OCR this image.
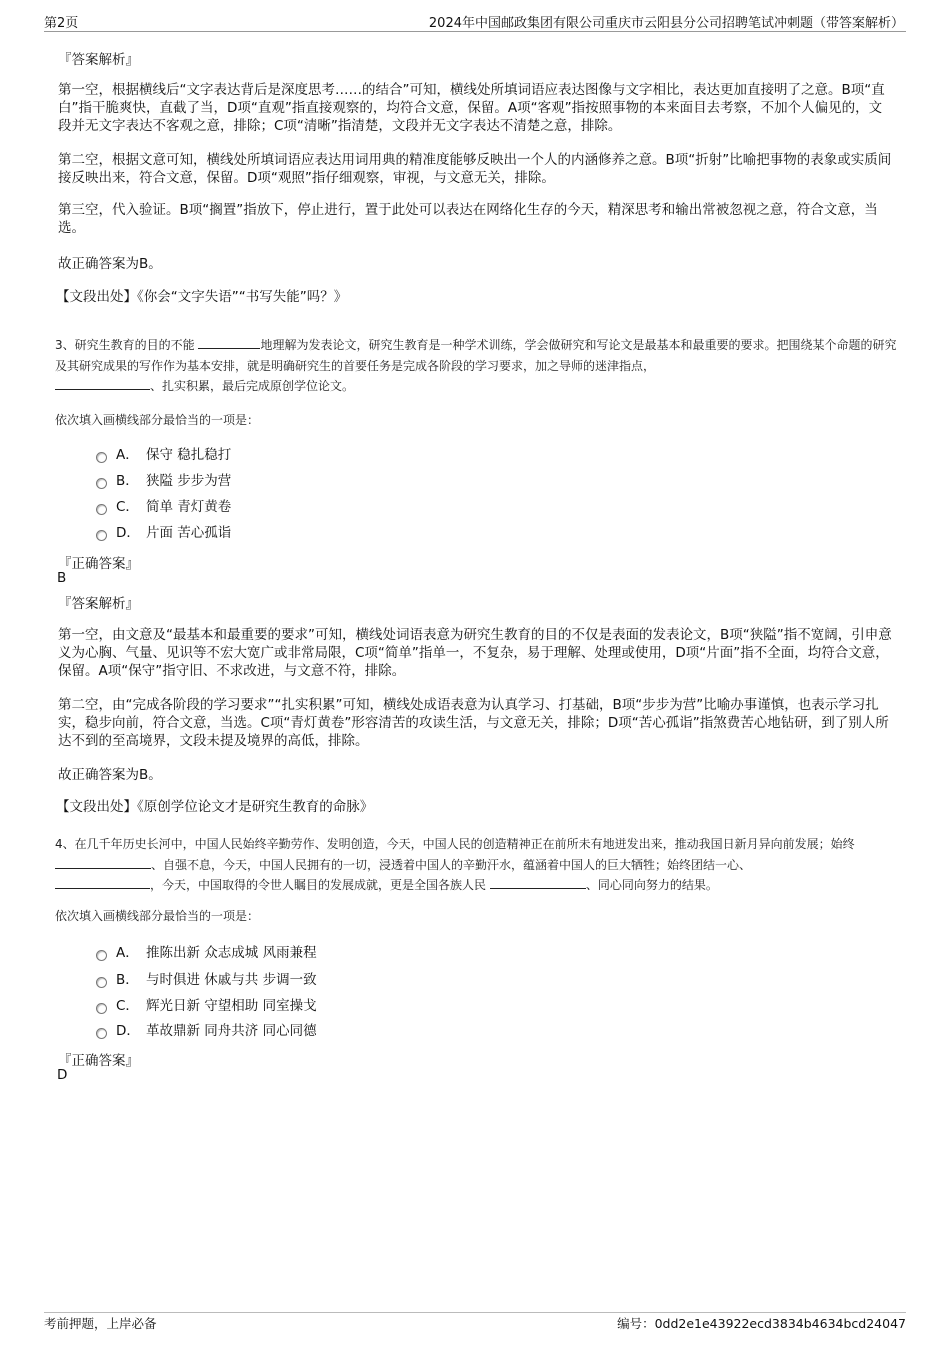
第2页	2024年中国邮政集团有限公司重庆市云阳县分公司招聘笔试冲刺题（带答案解析）
『答案解析』
第一空，根据横线后“文字表达背后是深度思考……的结合”可知，横线处所填词语应表达图像与文字相比，表达更加直接明了之意。B项“直白”指干脆爽快，直截了当，D项“直观”指直接观察的，均符合文意，保留。A项“客观”指按照事物的本来面目去考察，不加个人偏见的，文段并无文字表达不客观之意，排除；C项“清晰”指清楚，文段并无文字表达不清楚之意，排除。
第二空，根据文意可知，横线处所填词语应表达用词用典的精准度能够反映出一个人的内涵修养之意。B项“折射”比喻把事物的表象或实质间接反映出来，符合文意，保留。D项“观照”指仔细观察，审视，与文意无关，排除。
第三空，代入验证。B项“搁置”指放下，停止进行，置于此处可以表达在网络化生存的今天，精深思考和输出常被忽视之意，符合文意，当选。
故正确答案为B。
【文段出处】《你会“文字失语”“书写失能”吗？》
3、研究生教育的目的不能	地理解为发表论文，研究生教育是一种学术训练，学会做研究和写论文是最基本和最重要的要求。把围绕某个命题的研究及其研究成果的写作作为基本安排，就是明确研究生的首要任务是完成各阶段的学习要求，加之导师的迷津指点，
、扎实积累，最后完成原创学位论文。
依次填入画横线部分最恰当的一项是：
A． 保守 稳扎稳打
B． 狭隘 步步为营
C． 简单 青灯黄卷
D． 片面 苦心孤诣
『正确答案』
B
『答案解析』
第一空，由文意及“最基本和最重要的要求”可知，横线处词语表意为研究生教育的目的不仅是表面的发表论文，B项“狭隘”指不宽阔，引申意义为心胸、气量、见识等不宏大宽广或非常局限，C项“简单”指单一，不复杂，易于理解、处理或使用，D项“片面”指不全面，均符合文意，保留。A项“保守”指守旧、不求改进，与文意不符，排除。
第二空，由“完成各阶段的学习要求”“扎实积累”可知，横线处成语表意为认真学习、打基础，B项“步步为营”比喻办事谨慎，也表示学习扎实，稳步向前，符合文意，当选。C项“青灯黄卷”形容清苦的攻读生活，与文意无关，排除；D项“苦心孤诣”指煞费苦心地钻研，到了别人所达不到的至高境界，文段未提及境界的高低，排除。
故正确答案为B。
【文段出处】《原创学位论文才是研究生教育的命脉》
4、在几千年历史长河中，中国人民始终辛勤劳作、发明创造，今天，中国人民的创造精神正在前所未有地迸发出来，推动我国日新月异向前发展；始终 、自强不息，今天，中国人民拥有的一切，浸透着中国人的辛勤汗水，蕴涵着中国人的巨大牺牲；始终团结一心、
，今天，中国取得的令世人瞩目的发展成就，更是全国各族人民	、同心同向努力的结果。
依次填入画横线部分最恰当的一项是：
A． 推陈出新 众志成城 风雨兼程
B． 与时俱进 休戚与共 步调一致
C． 辉光日新 守望相助 同室操戈
D． 革故鼎新 同舟共济 同心同德
『正确答案』
D
考前押题，上岸必备	编号：0dd2e1e43922ecd3834b4634bcd24047
